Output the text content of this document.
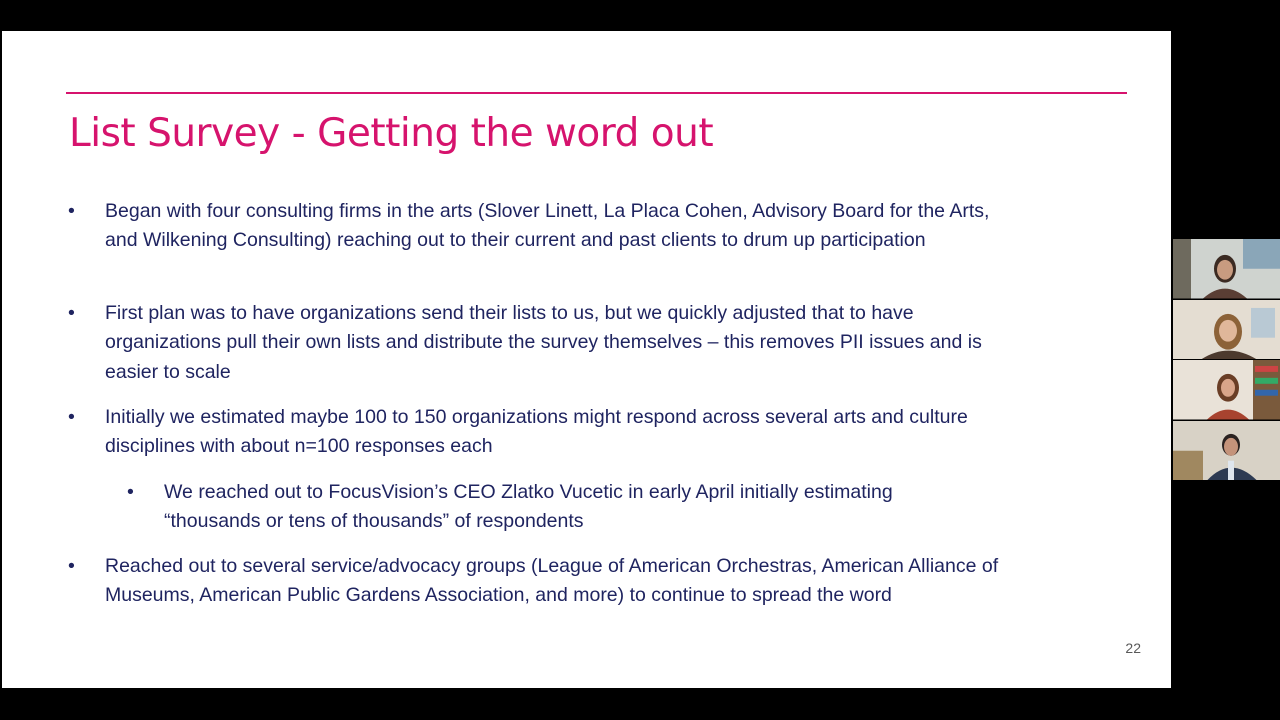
List Survey - Getting the word out
•	Began with four consulting firms in the arts (Slover Linett, La Placa Cohen, Advisory Board for the Arts, and Wilkening Consulting) reaching out to their current and past clients to drum up participation
•	First plan was to have organizations send their lists to us, but we quickly adjusted that to have organizations pull their own lists and distribute the survey themselves – this removes PII issues and is easier to scale
•	Initially we estimated maybe 100 to 150 organizations might respond across several arts and culture disciplines with about n=100 responses each
•	We reached out to FocusVision’s CEO Zlatko Vucetic in early April initially estimating “thousands or tens of thousands” of respondents
•	Reached out to several service/advocacy groups (League of American Orchestras, American Alliance of Museums, American Public Gardens Association, and more) to continue to spread the word
22
